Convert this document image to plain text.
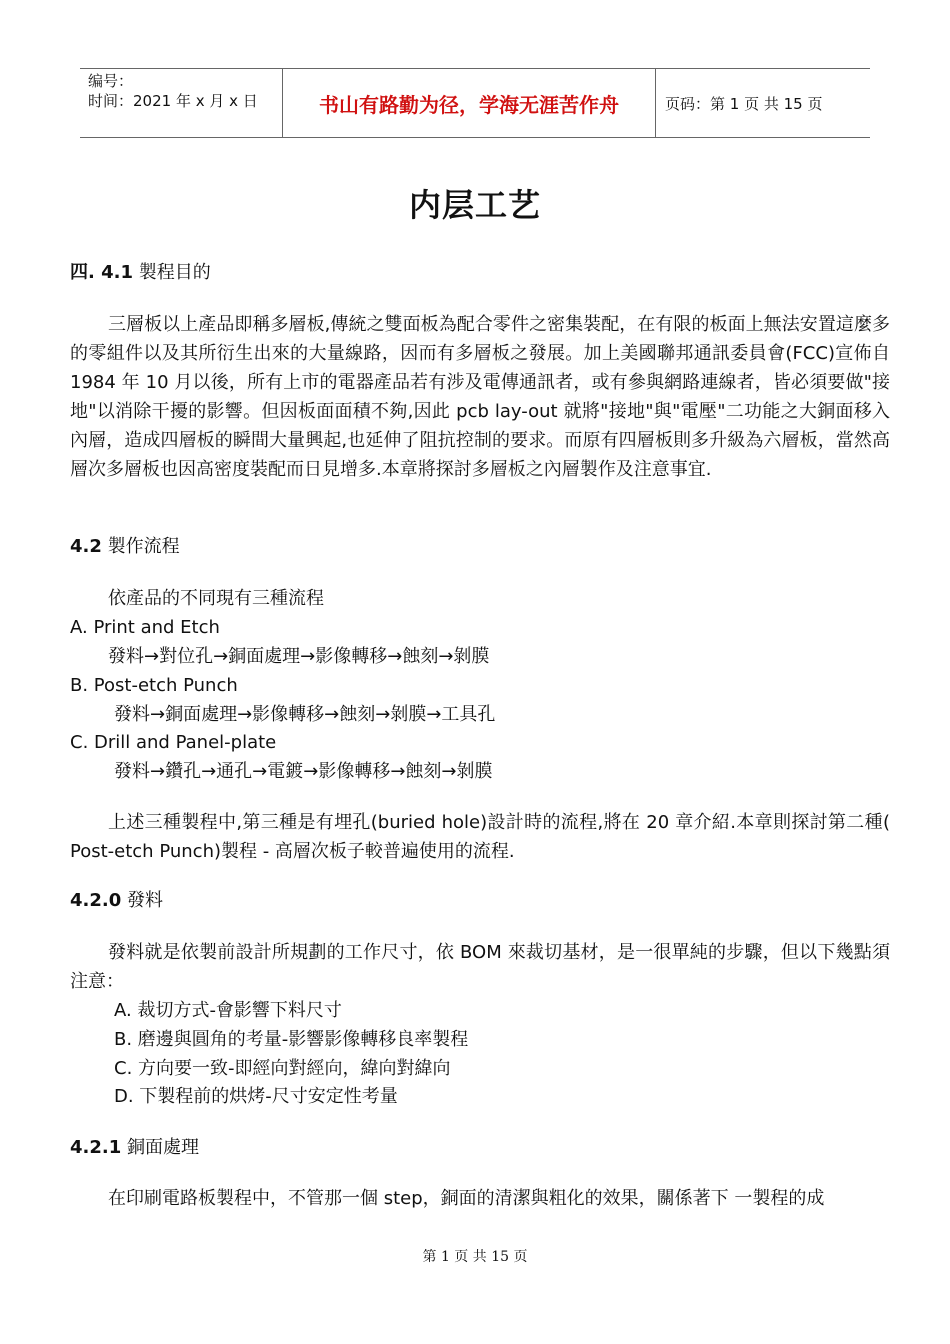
编号：
时间：2021 年 x 月 x 日	书山有路勤为径，学海无涯苦作舟	页码：第 1 页 共 15 页
内层工艺
四. 4.1 製程目的
三層板以上產品即稱多層板,傳統之雙面板為配合零件之密集裝配，在有限的板面上無法安置這麼多的零組件以及其所衍生出來的大量線路，因而有多層板之發展。加上美國聯邦通訊委員會(FCC)宣佈自 1984 年 10 月以後，所有上市的電器產品若有涉及電傳通訊者，或有參與網路連線者，皆必須要做"接地"以消除干擾的影響。但因板面面積不夠,因此 pcb lay-out 就將"接地"與"電壓"二功能之大銅面移入內層，造成四層板的瞬間大量興起,也延伸了阻抗控制的要求。而原有四層板則多升級為六層板，當然高層次多層板也因高密度裝配而日見增多.本章將探討多層板之內層製作及注意事宜.
4.2 製作流程
依產品的不同現有三種流程
A. Print and Etch
發料→對位孔→銅面處理→影像轉移→蝕刻→剝膜
B. Post-etch Punch
發料→銅面處理→影像轉移→蝕刻→剝膜→工具孔
C. Drill and Panel-plate
發料→鑽孔→通孔→電鍍→影像轉移→蝕刻→剝膜
上述三種製程中,第三種是有埋孔(buried hole)設計時的流程,將在 20 章介紹.本章則探討第二種( Post-etch Punch)製程 - 高層次板子較普遍使用的流程.
4.2.0 發料
發料就是依製前設計所規劃的工作尺寸，依 BOM 來裁切基材，是一很單純的步驟，但以下幾點須注意：
A. 裁切方式-會影響下料尺寸
B. 磨邊與圓角的考量-影響影像轉移良率製程
C. 方向要一致-即經向對經向，緯向對緯向
D. 下製程前的烘烤-尺寸安定性考量
4.2.1 銅面處理
在印刷電路板製程中，不管那一個 step，銅面的清潔與粗化的效果，關係著下 一製程的成
第 1 页 共 15 页
